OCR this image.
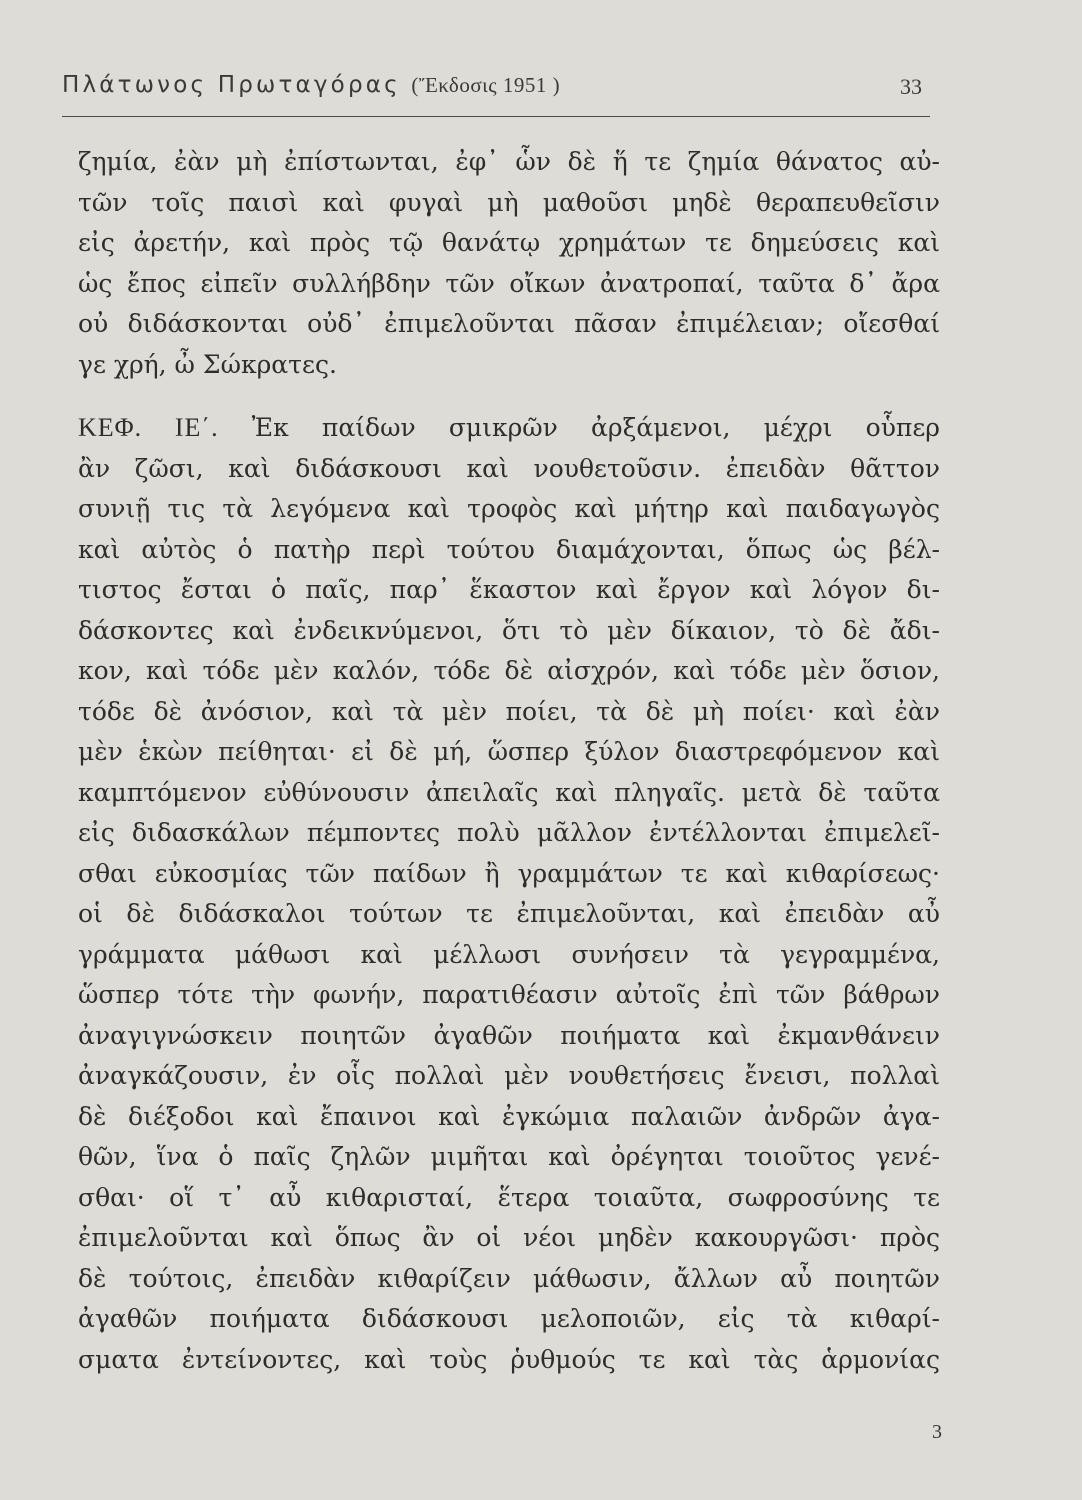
Πλάτωνος Πρωταγόρας (Ἔκδοσις 1951 )	33
ζημία, ἐὰν μὴ ἐπίστωνται, ἐφ᾽ ὧν δὲ ἥ τε ζημία θάνατος αὐ-
τῶν τοῖς παισὶ καὶ φυγαὶ μὴ μαθοῦσι μηδὲ θεραπευθεῖσιν
εἰς ἀρετήν, καὶ πρὸς τῷ θανάτῳ χρημάτων τε δημεύσεις καὶ
ὡς ἔπος εἰπεῖν συλλήβδην τῶν οἴκων ἀνατροπαί, ταῦτα δ᾽ ἄρα
οὐ διδάσκονται οὐδ᾽ ἐπιμελοῦνται πᾶσαν ἐπιμέλειαν; οἴεσθαί
γε χρή, ὦ Σώκρατες.
ΚΕΦ. ΙΕ΄. Ἐκ παίδων σμικρῶν ἀρξάμενοι, μέχρι οὗπερ
ἂν ζῶσι, καὶ διδάσκουσι καὶ νουθετοῦσιν. ἐπειδὰν θᾶττον
συνιῇ τις τὰ λεγόμενα καὶ τροφὸς καὶ μήτηρ καὶ παιδαγωγὸς
καὶ αὐτὸς ὁ πατὴρ περὶ τούτου διαμάχονται, ὅπως ὡς βέλ-
τιστος ἔσται ὁ παῖς, παρ᾽ ἕκαστον καὶ ἔργον καὶ λόγον δι-
δάσκοντες καὶ ἐνδεικνύμενοι, ὅτι τὸ μὲν δίκαιον, τὸ δὲ ἄδι-
κον, καὶ τόδε μὲν καλόν, τόδε δὲ αἰσχρόν, καὶ τόδε μὲν ὅσιον,
τόδε δὲ ἀνόσιον, καὶ τὰ μὲν ποίει, τὰ δὲ μὴ ποίει· καὶ ἐὰν
μὲν ἑκὼν πείθηται· εἰ δὲ μή, ὥσπερ ξύλον διαστρεφόμενον καὶ
καμπτόμενον εὐθύνουσιν ἀπειλαῖς καὶ πληγαῖς. μετὰ δὲ ταῦτα
εἰς διδασκάλων πέμποντες πολὺ μᾶλλον ἐντέλλονται ἐπιμελεῖ-
σθαι εὐκοσμίας τῶν παίδων ἢ γραμμάτων τε καὶ κιθαρίσεως·
οἱ δὲ διδάσκαλοι τούτων τε ἐπιμελοῦνται, καὶ ἐπειδὰν αὖ
γράμματα μάθωσι καὶ μέλλωσι συνήσειν τὰ γεγραμμένα,
ὥσπερ τότε τὴν φωνήν, παρατιθέασιν αὐτοῖς ἐπὶ τῶν βάθρων
ἀναγιγνώσκειν ποιητῶν ἀγαθῶν ποιήματα καὶ ἐκμανθάνειν
ἀναγκάζουσιν, ἐν οἷς πολλαὶ μὲν νουθετήσεις ἔνεισι, πολλαὶ
δὲ διέξοδοι καὶ ἔπαινοι καὶ ἐγκώμια παλαιῶν ἀνδρῶν ἀγα-
θῶν, ἵνα ὁ παῖς ζηλῶν μιμῆται καὶ ὀρέγηται τοιοῦτος γενέ-
σθαι· οἵ τ᾽ αὖ κιθαρισταί, ἕτερα τοιαῦτα, σωφροσύνης τε
ἐπιμελοῦνται καὶ ὅπως ἂν οἱ νέοι μηδὲν κακουργῶσι· πρὸς
δὲ τούτοις, ἐπειδὰν κιθαρίζειν μάθωσιν, ἄλλων αὖ ποιητῶν
ἀγαθῶν ποιήματα διδάσκουσι μελοποιῶν, εἰς τὰ κιθαρί-
σματα ἐντείνοντες, καὶ τοὺς ῥυθμούς τε καὶ τὰς ἁρμονίας
3
